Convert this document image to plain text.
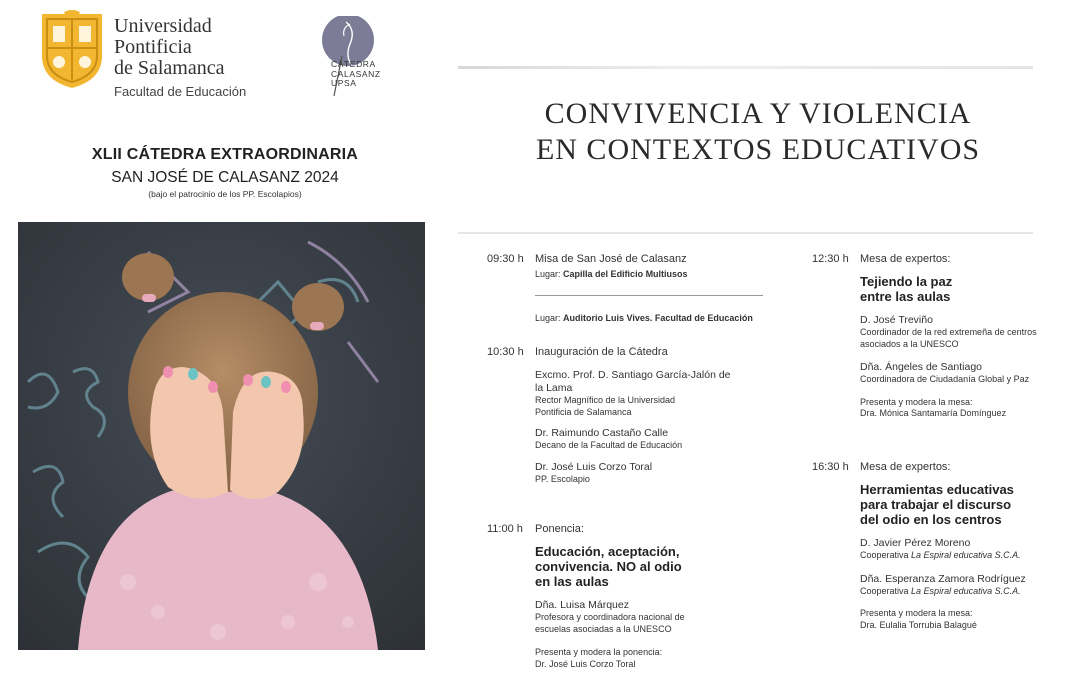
Universidad
Pontificia
de Salamanca
Facultad de Educación
CÁTEDRA
CALASANZ
UPSA
XLII CÁTEDRA EXTRAORDINARIA
SAN JOSÉ DE CALASANZ 2024
(bajo el patrocinio de los PP. Escolapios)
CONVIVENCIA Y VIOLENCIA
EN CONTEXTOS EDUCATIVOS
09:30 h	Misa de San José de Calasanz
Lugar: Capilla del Edificio Multiusos
Lugar: Auditorio Luis Vives. Facultad de Educación
10:30 h	Inauguración de la Cátedra
Excmo. Prof. D. Santiago García-Jalón de la Lama
Rector Magnífico de la Universidad Pontificia de Salamanca
Dr. Raimundo Castaño Calle
Decano de la Facultad de Educación
Dr. José Luis Corzo Toral
PP. Escolapio
11:00 h	Ponencia:
Educación, aceptación, convivencia. NO al odio en las aulas
Dña. Luisa Márquez
Profesora y coordinadora nacional de escuelas asociadas a la UNESCO
Presenta y modera la ponencia:
Dr. José Luis Corzo Toral
12:30 h	Mesa de expertos:
Tejiendo la paz entre las aulas
D. José Treviño
Coordinador de la red extremeña de centros asociados a la UNESCO
Dña. Ángeles de Santiago
Coordinadora de Ciudadanía Global y Paz
Presenta y modera la mesa:
Dra. Mónica Santamaría Domínguez
16:30 h	Mesa de expertos:
Herramientas educativas para trabajar el discurso del odio en los centros
D. Javier Pérez Moreno
Cooperativa La Espiral educativa S.C.A.
Dña. Esperanza Zamora Rodríguez
Cooperativa La Espiral educativa S.C.A.
Presenta y modera la mesa:
Dra. Eulalia Torrubia Balagué
